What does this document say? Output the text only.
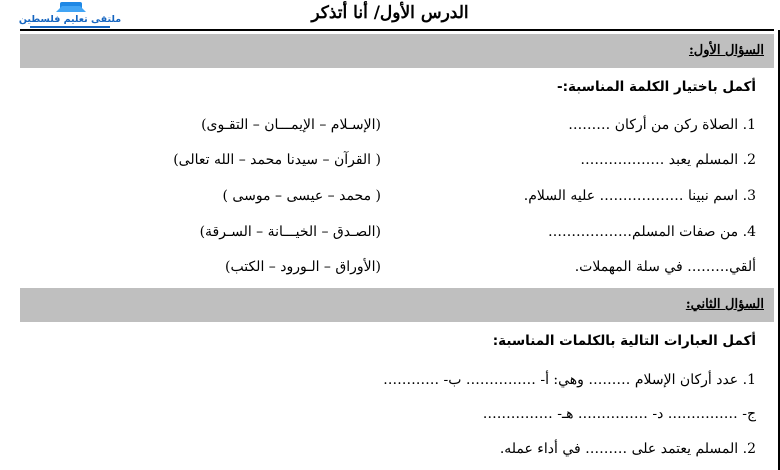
ملتقى تعليم فلسطين	الدرس الأول/ أنا أتذكر
السؤال الأول:
أكمل باختيار الكلمة المناسبة:-
1. الصلاة ركن من أركان ………
(الإسـلام – الإيمـــان – التقـوى)
2. المسلم يعبد ………………
( القرآن – سيدنا محمد – الله تعالى)
3. اسم نبينا ……………… عليه السلام.
( محمد – عيسى – موسى )
4. من صفات المسلم………………
(الصـدق – الخيـــانة – السـرقة)
ألقي……… في سلة المهملات.
(الأوراق – الـورود – الكتب)
السؤال الثاني:
أكمل العبارات التالية بالكلمات المناسبة:
1. عدد أركان الإسلام ……… وهي: أ- …………… ب- …………
ج- …………… د- …………… هـ- ……………
2. المسلم يعتمد على ……… في أداء عمله.
